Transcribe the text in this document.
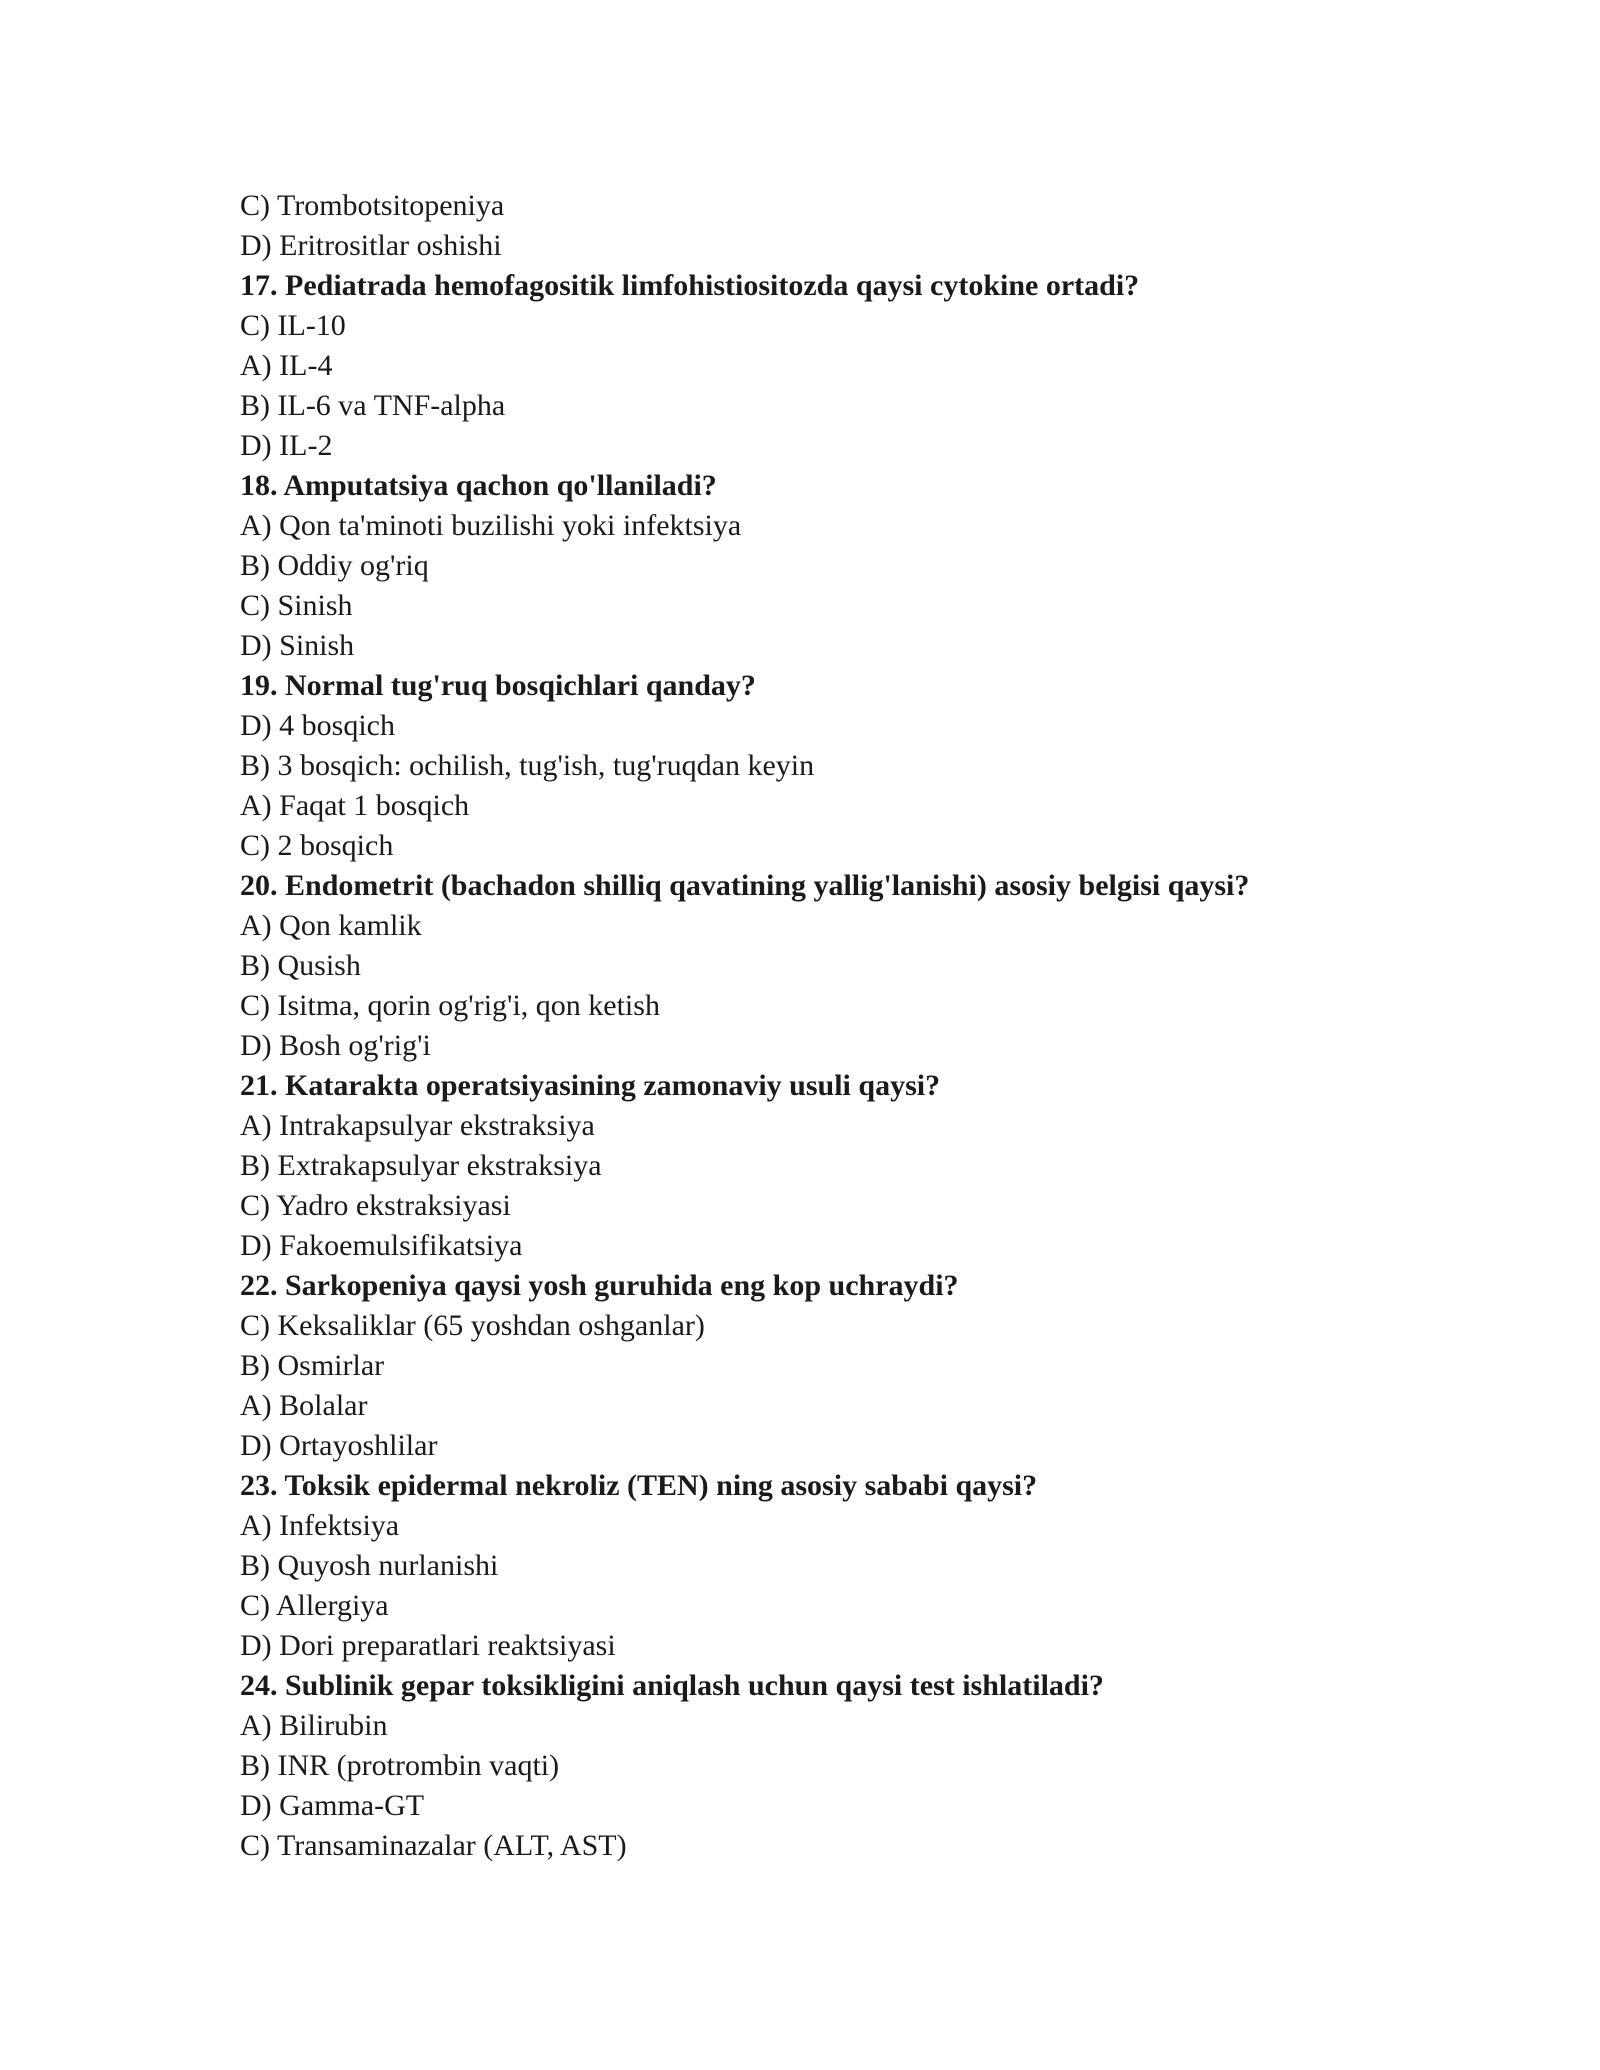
C) Trombotsitopeniya
D) Eritrositlar oshishi
17. Pediatrada hemofagositik limfohistiositozda qaysi cytokine ortadi?
C) IL-10
A) IL-4
B) IL-6 va TNF-alpha
D) IL-2
18. Amputatsiya qachon qo'llaniladi?
A) Qon ta'minoti buzilishi yoki infektsiya
B) Oddiy og'riq
C) Sinish
D) Sinish
19. Normal tug'ruq bosqichlari qanday?
D) 4 bosqich
B) 3 bosqich: ochilish, tug'ish, tug'ruqdan keyin
A) Faqat 1 bosqich
C) 2 bosqich
20. Endometrit (bachadon shilliq qavatining yallig'lanishi) asosiy belgisi qaysi?
A) Qon kamlik
B) Qusish
C) Isitma, qorin og'rig'i, qon ketish
D) Bosh og'rig'i
21. Katarakta operatsiyasining zamonaviy usuli qaysi?
A) Intrakapsulyar ekstraksiya
B) Extrakapsulyar ekstraksiya
C) Yadro ekstraksiyasi
D) Fakoemulsifikatsiya
22. Sarkopeniya qaysi yosh guruhida eng kop uchraydi?
C) Keksaliklar (65 yoshdan oshganlar)
B) Osmirlar
A) Bolalar
D) Ortayoshlilar
23. Toksik epidermal nekroliz (TEN) ning asosiy sababi qaysi?
A) Infektsiya
B) Quyosh nurlanishi
C) Allergiya
D) Dori preparatlari reaktsiyasi
24. Sublinik gepar toksikligini aniqlash uchun qaysi test ishlatiladi?
A) Bilirubin
B) INR (protrombin vaqti)
D) Gamma-GT
C) Transaminazalar (ALT, AST)
